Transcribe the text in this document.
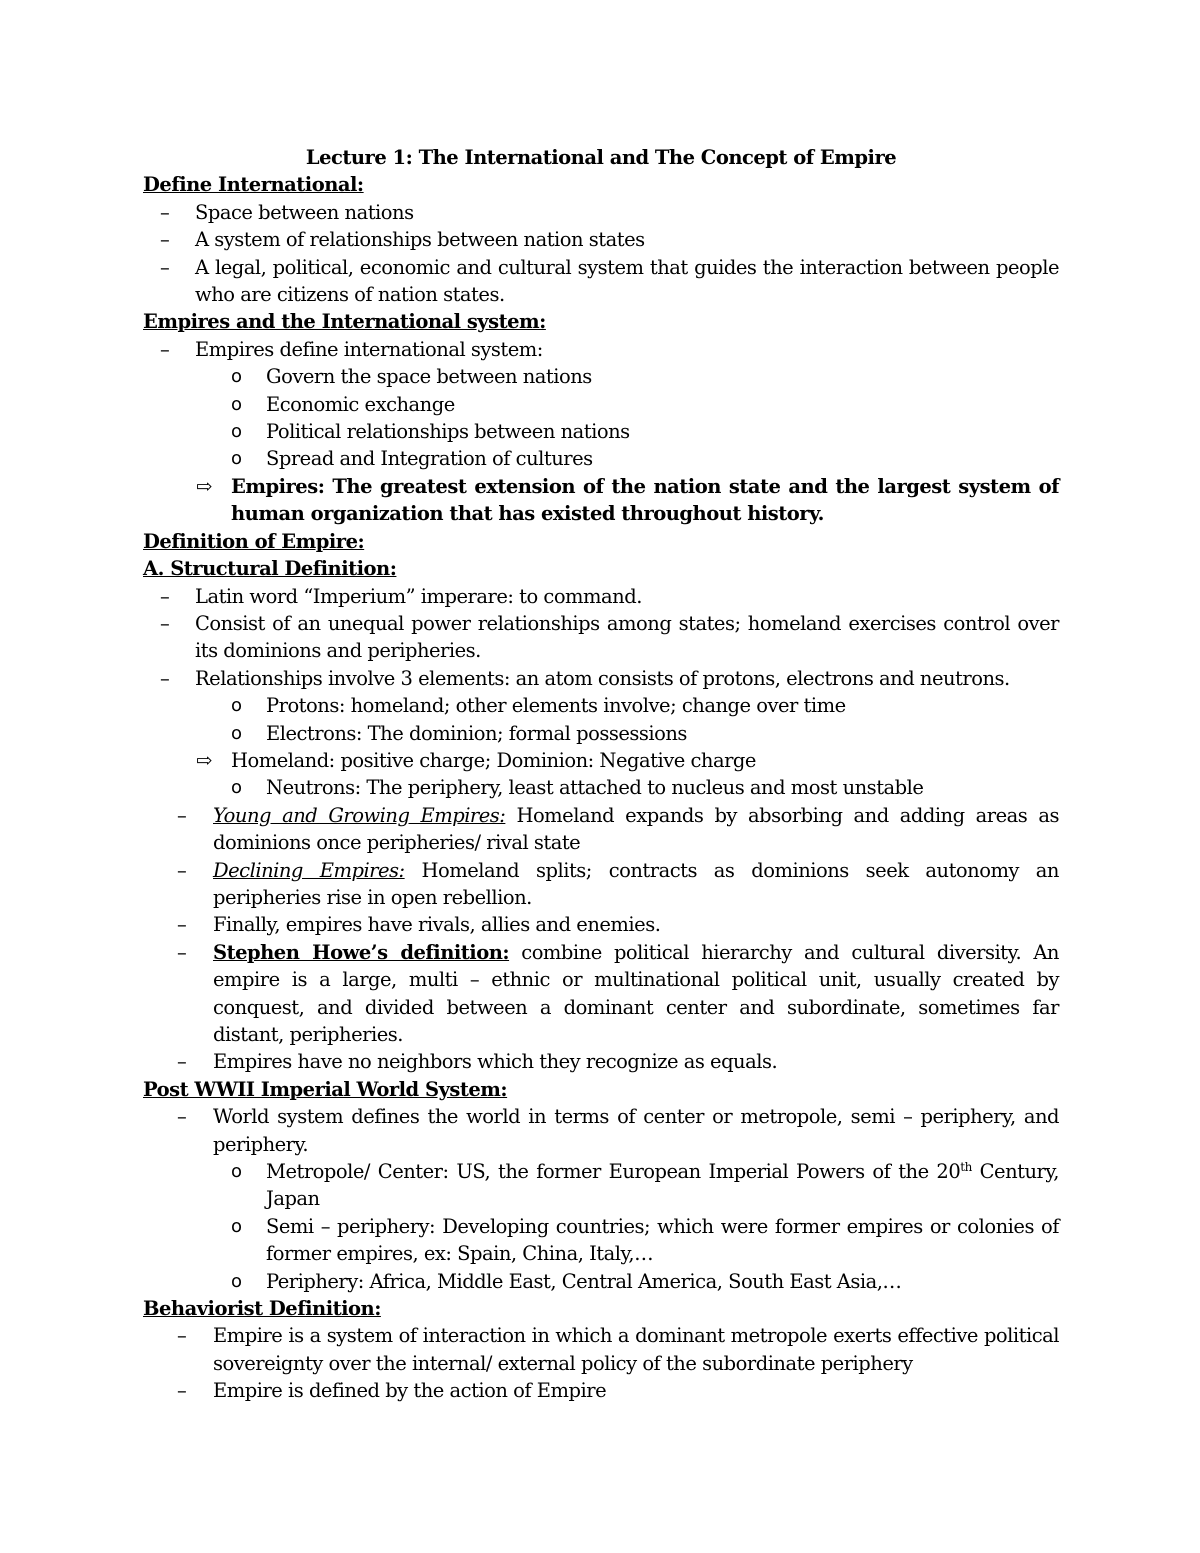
Lecture 1: The International and The Concept of Empire

Define International:

– Space between nations
– A system of relationships between nation states
– A legal, political, economic and cultural system that guides the interaction between people who are citizens of nation states.

Empires and the International system:

– Empires define international system:
o Govern the space between nations
o Economic exchange
o Political relationships between nations
o Spread and Integration of cultures
⇨ Empires: The greatest extension of the nation state and the largest system of human organization that has existed throughout history.

Definition of Empire:

A. Structural Definition:

– Latin word “Imperium” imperare: to command.
– Consist of an unequal power relationships among states; homeland exercises control over its dominions and peripheries.
– Relationships involve 3 elements: an atom consists of protons, electrons and neutrons.
o Protons: homeland; other elements involve; change over time
o Electrons: The dominion; formal possessions
⇨ Homeland: positive charge; Dominion: Negative charge
o Neutrons: The periphery, least attached to nucleus and most unstable
– Young and Growing Empires: Homeland expands by absorbing and adding areas as dominions once peripheries/ rival state
– Declining Empires: Homeland splits; contracts as dominions seek autonomy an peripheries rise in open rebellion.
– Finally, empires have rivals, allies and enemies.
– Stephen Howe’s definition: combine political hierarchy and cultural diversity. An empire is a large, multi – ethnic or multinational political unit, usually created by conquest, and divided between a dominant center and subordinate, sometimes far distant, peripheries.
– Empires have no neighbors which they recognize as equals.

Post WWII Imperial World System:

– World system defines the world in terms of center or metropole, semi – periphery, and periphery.
o Metropole/ Center: US, the former European Imperial Powers of the 20th Century, Japan
o Semi – periphery: Developing countries; which were former empires or colonies of former empires, ex: Spain, China, Italy,…
o Periphery: Africa, Middle East, Central America, South East Asia,…

Behaviorist Definition:

– Empire is a system of interaction in which a dominant metropole exerts effective political sovereignty over the internal/ external policy of the subordinate periphery
– Empire is defined by the action of Empire
